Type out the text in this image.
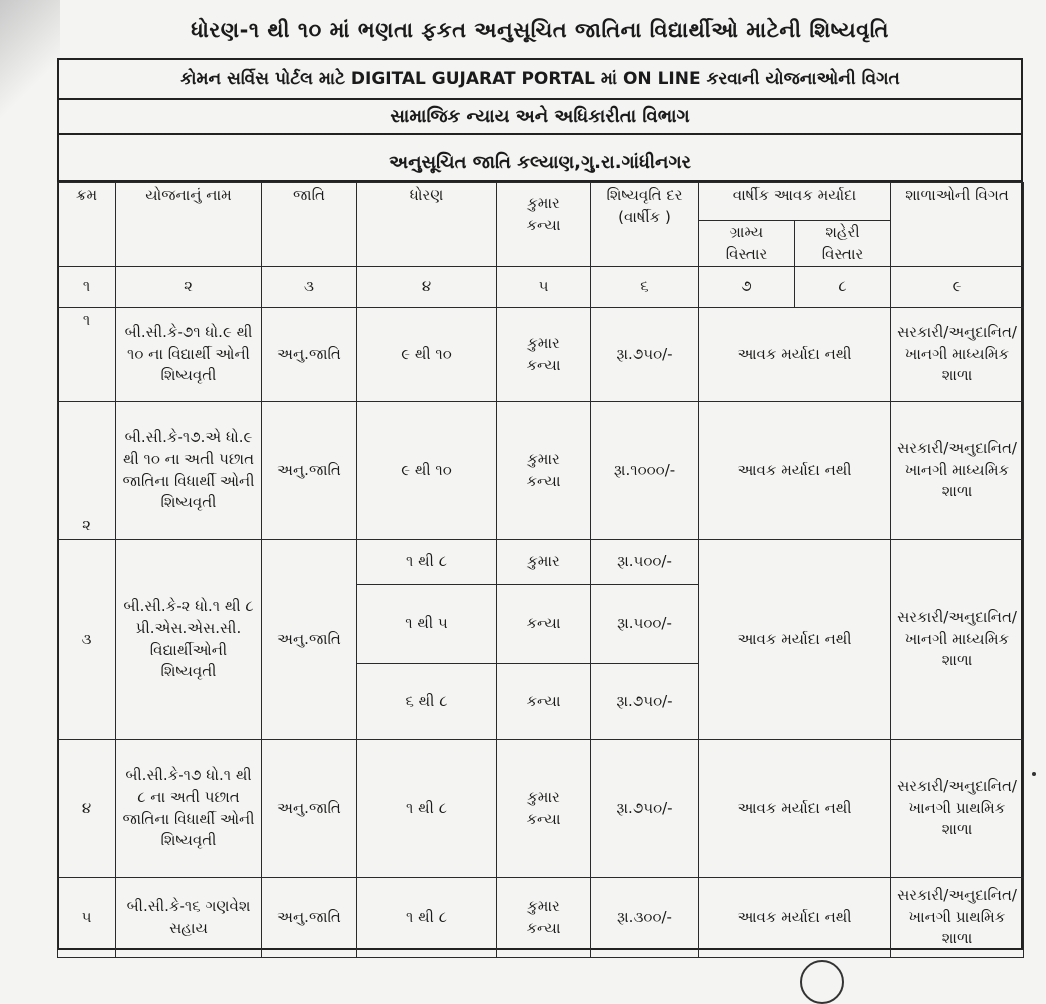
ધોરણ-૧ થી ૧૦ માં ભણતા ફકત અનુસૂચિત જાતિના વિદ્યાર્થીઓ માટેની શિષ્યવૃતિ
કોમન સર્વિસ પોર્ટલ માટે DIGITAL GUJARAT PORTAL માં ON LINE કરવાની યોજનાઓની વિગત
સામાજિક ન્યાય અને અધિકારીતા વિભાગ
અનુસૂચિત જાતિ કલ્યાણ,ગુ.રા.ગાંધીનગર
ક્રમ	યોજનાનું નામ	જાતિ	ધોરણ	કુમાર કન્યા	શિષ્યવૃતિ દર (વાર્ષીક )	વાર્ષીક આવક મર્યાદા		શાળાઓની વિગત
						ગ્રામ્ય વિસ્તાર	શહેરી વિસ્તાર	
૧	૨	૩	૪	૫	૬	૭	૮	૯
૧	બી.સી.કે-૭૧ ધો.૯ થી ૧૦ ના વિદ્યાર્થી ઓની શિષ્યવૃતી	અનુ.જાતિ	૯ થી ૧૦	કુમાર કન્યા	રૂા.૭૫૦/-	આવક મર્યાદા નથી		સરકારી/અનુદાનિત/ ખાનગી માધ્યમિક શાળા
૨	બી.સી.કે-૧૭.એ ધો.૯ થી ૧૦ ના અતી પછાત જાતિના વિધાર્થી ઓની શિષ્યવૃતી	અનુ.જાતિ	૯ થી ૧૦	કુમાર કન્યા	રૂા.૧૦૦૦/-	આવક મર્યાદા નથી		સરકારી/અનુદાનિત/ ખાનગી માધ્યમિક શાળા
૩	બી.સી.કે-૨ ધો.૧ થી ૮ પ્રી.એસ.એસ.સી. વિદ્યાર્થીઓની શિષ્યવૃતી	અનુ.જાતિ	૧ થી ૮	કુમાર	રૂા.૫૦૦/-	આવક મર્યાદા નથી		સરકારી/અનુદાનિત/ ખાનગી માધ્યમિક શાળા
			૧ થી ૫	કન્યા	રૂા.૫૦૦/-			
			૬ થી ૮	કન્યા	રૂા.૭૫૦/-			
૪	બી.સી.કે-૧૭ ધો.૧ થી ૮ ના અતી પછાત જાતિના વિધાર્થી ઓની શિષ્યવૃતી	અનુ.જાતિ	૧ થી ૮	કુમાર કન્યા	રૂા.૭૫૦/-	આવક મર્યાદા નથી		સરકારી/અનુદાનિત/ ખાનગી પ્રાથમિક શાળા
૫	બી.સી.કે-૧૬ ગણવેશ સહાય	અનુ.જાતિ	૧ થી ૮	કુમાર કન્યા	રૂા.૩૦૦/-	આવક મર્યાદા નથી		સરકારી/અનુદાનિત/ ખાનગી પ્રાથમિક શાળા
